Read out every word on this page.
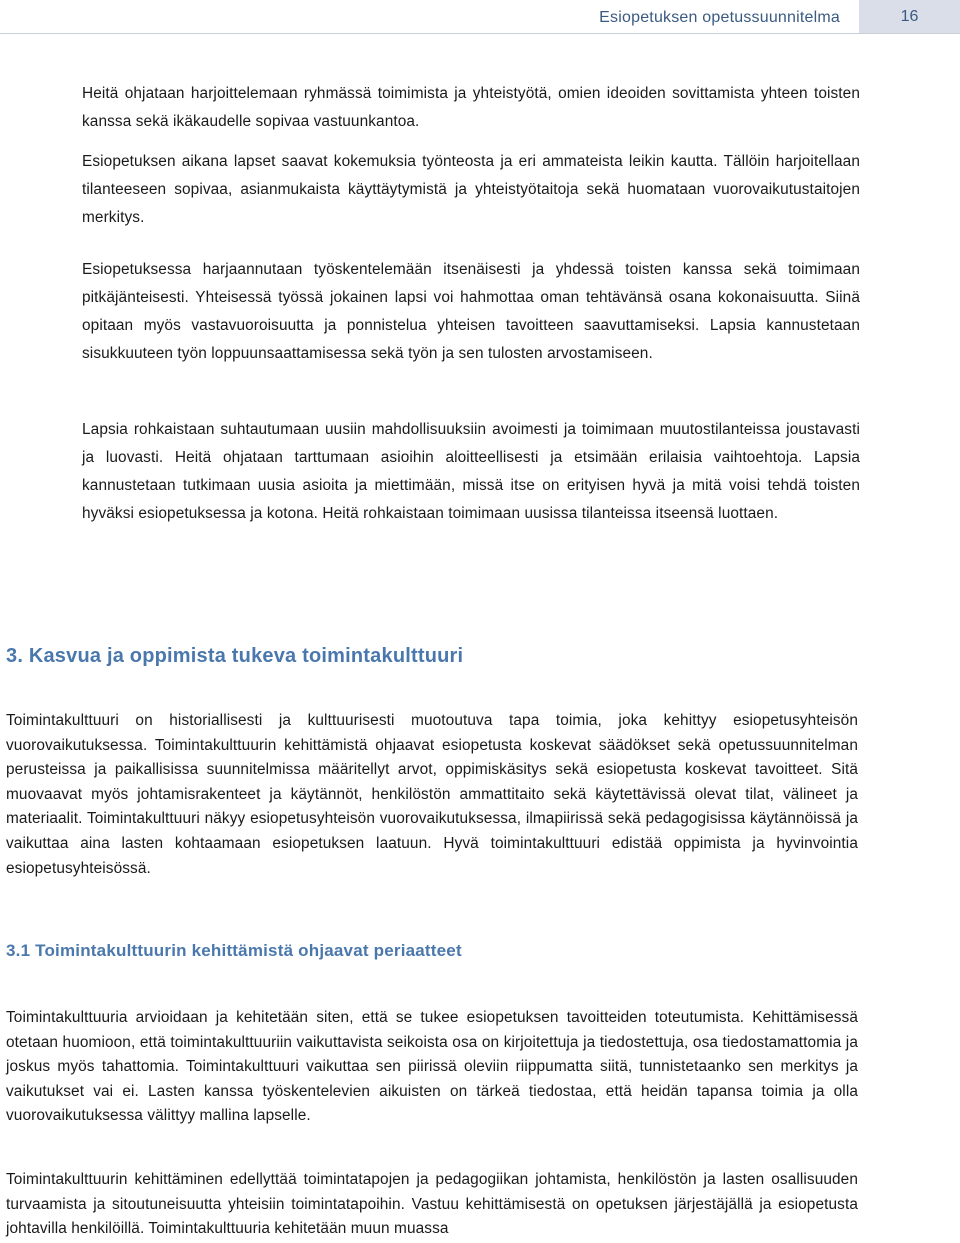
Esiopetuksen opetussuunnitelma	16

Heitä ohjataan harjoittelemaan ryhmässä toimimista ja yhteistyötä, omien ideoiden sovittamista yhteen toisten kanssa sekä ikäkaudelle sopivaa vastuunkantoa.

Esiopetuksen aikana lapset saavat kokemuksia työnteosta ja eri ammateista leikin kautta. Tällöin harjoitellaan tilanteeseen sopivaa, asianmukaista käyttäytymistä ja yhteistyötaitoja sekä huomataan vuorovaikutustaitojen merkitys.

Esiopetuksessa harjaannutaan työskentelemään itsenäisesti ja yhdessä toisten kanssa sekä toimimaan pitkäjänteisesti. Yhteisessä työssä jokainen lapsi voi hahmottaa oman tehtävänsä osana kokonaisuutta. Siinä opitaan myös vastavuoroisuutta ja ponnistelua yhteisen tavoitteen saavuttamiseksi. Lapsia kannustetaan sisukkuuteen työn loppuunsaattamisessa sekä työn ja sen tulosten arvostamiseen.

Lapsia rohkaistaan suhtautumaan uusiin mahdollisuuksiin avoimesti ja toimimaan muutostilanteissa joustavasti ja luovasti. Heitä ohjataan tarttumaan asioihin aloitteellisesti ja etsimään erilaisia vaihtoehtoja. Lapsia kannustetaan tutkimaan uusia asioita ja miettimään, missä itse on erityisen hyvä ja mitä voisi tehdä toisten hyväksi esiopetuksessa ja kotona. Heitä rohkaistaan toimimaan uusissa tilanteissa itseensä luottaen.

3. Kasvua ja oppimista tukeva toimintakulttuuri

Toimintakulttuuri on historiallisesti ja kulttuurisesti muotoutuva tapa toimia, joka kehittyy esiopetusyhteisön vuorovaikutuksessa. Toimintakulttuurin kehittämistä ohjaavat esiopetusta koskevat säädökset sekä opetussuunnitelman perusteissa ja paikallisissa suunnitelmissa määritellyt arvot, oppimiskäsitys sekä esiopetusta koskevat tavoitteet. Sitä muovaavat myös johtamisrakenteet ja käytännöt, henkilöstön ammattitaito sekä käytettävissä olevat tilat, välineet ja materiaalit. Toimintakulttuuri näkyy esiopetusyhteisön vuorovaikutuksessa, ilmapiirissä sekä pedagogisissa käytännöissä ja vaikuttaa aina lasten kohtaamaan esiopetuksen laatuun. Hyvä toimintakulttuuri edistää oppimista ja hyvinvointia esiopetusyhteisössä.

3.1 Toimintakulttuurin kehittämistä ohjaavat periaatteet

Toimintakulttuuria arvioidaan ja kehitetään siten, että se tukee esiopetuksen tavoitteiden toteutumista. Kehittämisessä otetaan huomioon, että toimintakulttuuriin vaikuttavista seikoista osa on kirjoitettuja ja tiedostettuja, osa tiedostamattomia ja joskus myös tahattomia. Toimintakulttuuri vaikuttaa sen piirissä oleviin riippumatta siitä, tunnistetaanko sen merkitys ja vaikutukset vai ei. Lasten kanssa työskentelevien aikuisten on tärkeä tiedostaa, että heidän tapansa toimia ja olla vuorovaikutuksessa välittyy mallina lapselle.

Toimintakulttuurin kehittäminen edellyttää toimintatapojen ja pedagogiikan johtamista, henkilöstön ja lasten osallisuuden turvaamista ja sitoutuneisuutta yhteisiin toimintatapoihin. Vastuu kehittämisestä on opetuksen järjestäjällä ja esiopetusta johtavilla henkilöillä. Toimintakulttuuria kehitetään muun muassa
